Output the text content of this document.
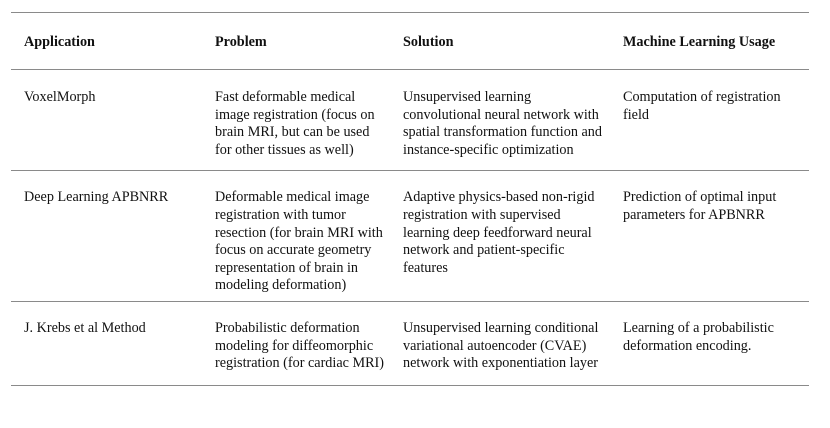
Application	Problem	Solution	Machine Learning Usage
VoxelMorph	Fast deformable medical image registration (focus on brain MRI, but can be used for other tissues as well)	Unsupervised learning convolutional neural network with spatial transformation function and instance-specific optimization	Computation of registration field
Deep Learning APBNRR	Deformable medical image registration with tumor resection (for brain MRI with focus on accurate geometry representation of brain in modeling deformation)	Adaptive physics-based non-rigid registration with supervised learning deep feedforward neural network and patient-specific features	Prediction of optimal input parameters for APBNRR
J. Krebs et al Method	Probabilistic deformation modeling for diffeomorphic registration (for cardiac MRI)	Unsupervised learning conditional variational autoencoder (CVAE) network with exponentiation layer	Learning of a probabilistic deformation encoding.
